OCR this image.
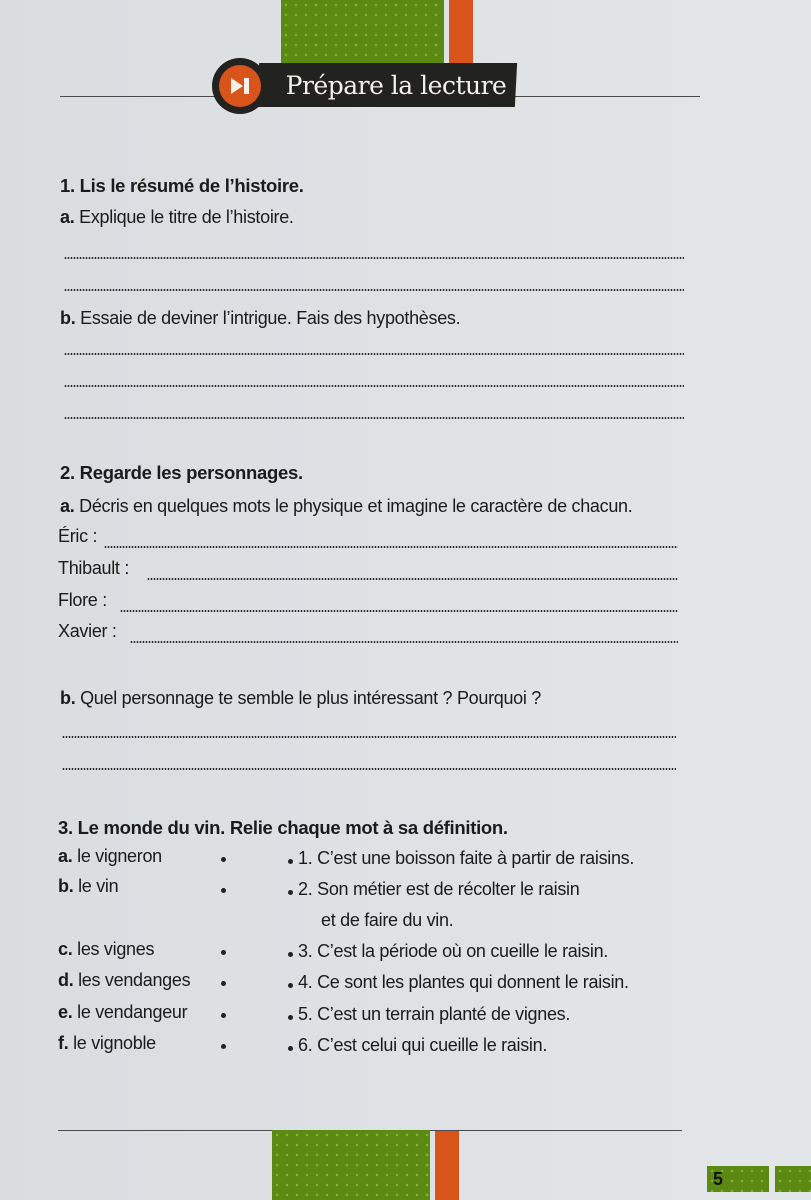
Prépare la lecture
1. Lis le résumé de l’histoire.
a. Explique le titre de l’histoire.
b. Essaie de deviner l’intrigue. Fais des hypothèses.
2. Regarde les personnages.
a. Décris en quelques mots le physique et imagine le caractère de chacun.
Éric :
Thibault :
Flore :
Xavier :
b. Quel personnage te semble le plus intéressant ? Pourquoi ?
3. Le monde du vin. Relie chaque mot à sa définition.
a. le vigneron
b. le vin
c. les vignes
d. les vendanges
e. le vendangeur
f. le vignoble
1. C’est une boisson faite à partir de raisins.
2. Son métier est de récolter le raisin
et de faire du vin.
3. C’est la période où on cueille le raisin.
4. Ce sont les plantes qui donnent le raisin.
5. C’est un terrain planté de vignes.
6. C’est celui qui cueille le raisin.
5
